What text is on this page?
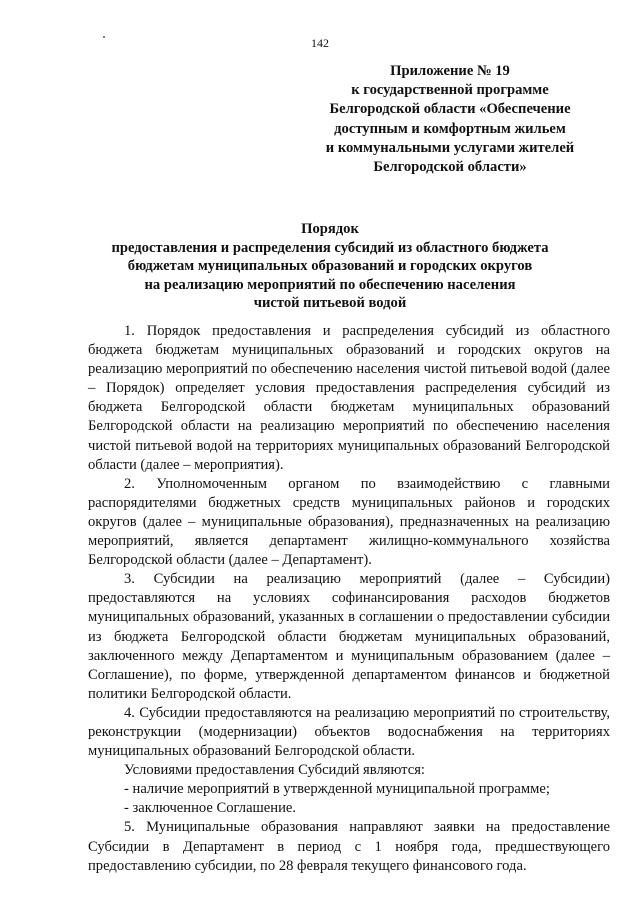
142
Приложение № 19
к государственной программе
Белгородской области «Обеспечение
доступным и комфортным жильем
и коммунальными услугами жителей
Белгородской области»
Порядок
предоставления и распределения субсидий из областного бюджета
бюджетам муниципальных образований и городских округов
на реализацию мероприятий по обеспечению населения
чистой питьевой водой

1. Порядок предоставления и распределения субсидий из областного бюджета бюджетам муниципальных образований и городских округов на реализацию мероприятий по обеспечению населения чистой питьевой водой (далее – Порядок) определяет условия предоставления распределения субсидий из бюджета Белгородской области бюджетам муниципальных образований Белгородской области на реализацию мероприятий по обеспечению населения чистой питьевой водой на территориях муниципальных образований Белгородской области (далее – мероприятия).

2. Уполномоченным органом по взаимодействию с главными распорядителями бюджетных средств муниципальных районов и городских округов (далее – муниципальные образования), предназначенных на реализацию мероприятий, является департамент жилищно-коммунального хозяйства Белгородской области (далее – Департамент).

3. Субсидии на реализацию мероприятий (далее – Субсидии) предоставляются на условиях софинансирования расходов бюджетов муниципальных образований, указанных в соглашении о предоставлении субсидии из бюджета Белгородской области бюджетам муниципальных образований, заключенного между Департаментом и муниципальным образованием (далее – Соглашение), по форме, утвержденной департаментом финансов и бюджетной политики Белгородской области.

4. Субсидии предоставляются на реализацию мероприятий по строительству, реконструкции (модернизации) объектов водоснабжения на территориях муниципальных образований Белгородской области.

Условиями предоставления Субсидий являются:

- наличие мероприятий в утвержденной муниципальной программе;

- заключенное Соглашение.

5. Муниципальные образования направляют заявки на предоставление Субсидии в Департамент в период с 1 ноября года, предшествующего предоставлению субсидии, по 28 февраля текущего финансового года.
